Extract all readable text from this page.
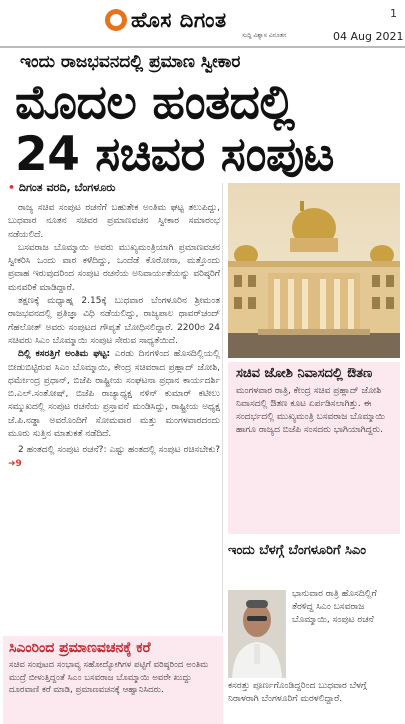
ಹೊಸ ದಿಗಂತ
ಸುದ್ದಿ ವಿಶ್ವಾಸ ವಿನೂತನ
1
04 Aug 2021
ಇಂದು ರಾಜಭವನದಲ್ಲಿ ಪ್ರಮಾಣ ಸ್ವೀಕಾರ
ಮೊದಲ ಹಂತದಲ್ಲಿ
24 ಸಚಿವರ ಸಂಪುಟ
• ದಿಗಂತ ವರದಿ, ಬೆಂಗಳೂರು

ರಾಜ್ಯ ಸಚಿವ ಸಂಪುಟ ರಚನೆಗೆ ಬಹುತೇಕ ಅಂತಿಮ ಘಟ್ಟ ತಲುಪಿದ್ದು, ಬುಧವಾರ ನೂತನ ಸಚಿವರ ಪ್ರಮಾಣವಚನ ಸ್ವೀಕಾರ ಸಮಾರಂಭ ನಡೆಯಲಿದೆ.

ಬಸವರಾಜ ಬೊಮ್ಮಾಯಿ ಅವರು ಮುಖ್ಯಮಂತ್ರಿಯಾಗಿ ಪ್ರಮಾಣವಚನ ಸ್ವೀಕರಿಸಿ ಒಂದು ವಾರ ಕಳೆದಿದ್ದು, ಒಂದೆಡೆ ಕೊರೋನಾ, ಮತ್ತೊಂದು ಪ್ರವಾಹ ಇರುವುದರಿಂದ ಸಂಪುಟ ರಚನೆಯ ಅನಿವಾರ್ಯತೆಯನ್ನು ವರಿಷ್ಠರಿಗೆ ಮನವರಿಕೆ ಮಾಡಿದ್ದಾರೆ.

ತಕ್ಷಣಕ್ಕೆ ಮಧ್ಯಾಹ್ನ 2.15ಕ್ಕೆ ಬುಧವಾರ ಬೆಂಗಳೂರಿನ ಶ್ರೀಮಂತ ರಾಜಭವನದಲ್ಲಿ ಪ್ರತಿಜ್ಞಾ ವಿಧಿ ನಡೆಯಲಿದ್ದು, ರಾಜ್ಯಪಾಲ ಥಾವರ್‌ಚಂದ್ ಗೆಹಲೋತ್ ಅವರು ಸಂಪುಟದ ಗೌಪ್ಯತೆ ಬೋಧಿಸಲಿದ್ದಾರೆ. 2200ರ 24 ಸಚಿವರು ಸಿಎಂ ಬೊಮ್ಮಾಯಿ ಸಂಪುಟ ಸೇರುವ ಸಾಧ್ಯತೆಯಿದೆ.

ದಿಲ್ಲಿ ಕಸರತ್ತಿಗೆ ಅಂತಿಮ ಘಟ್ಟ: ಎರಡು ದಿನಗಳಿಂದ ಹೊಸದಿಲ್ಲಿಯಲ್ಲಿ ಬೀಡುಬಿಟ್ಟಿರುವ ಸಿಎಂ ಬೊಮ್ಮಾಯಿ, ಕೇಂದ್ರ ಸಚಿವರಾದ ಪ್ರಹ್ಲಾದ್ ಜೋಶಿ, ಧರ್ಮೇಂದ್ರ ಪ್ರಧಾನ್, ಬಿಜೆಪಿ ರಾಷ್ಟ್ರೀಯ ಸಂಘಟನಾ ಪ್ರಧಾನ ಕಾರ್ಯದರ್ಶಿ ಬಿ.ಎಲ್.ಸಂತೋಷ್, ಬಿಜೆಪಿ ರಾಜ್ಯಾಧ್ಯಕ್ಷ ನಳಿನ್ ಕುಮಾರ್ ಕಟೀಲು ಸಮ್ಮುಖದಲ್ಲಿ ಸಂಪುಟ ರಚನೆಯ ಪ್ರಸ್ತಾವನೆ ಮಂಡಿಸಿದ್ದು, ರಾಷ್ಟ್ರೀಯ ಅಧ್ಯಕ್ಷ ಜೆ.ಪಿ.ನಡ್ಡಾ ಅವರೊಂದಿಗೆ ಸೋಮವಾರ ಮತ್ತು ಮಂಗಳವಾರದಂದು ಮೂರು ಸುತ್ತಿನ ಮಾತುಕತೆ ನಡೆದಿದೆ.

2 ಹಂತದಲ್ಲಿ ಸಂಪುಟ ರಚನೆ?: ಎಷ್ಟು ಹಂತದಲ್ಲಿ ಸಂಪುಟ ರಚಿಸಬೇಕು? ➜9

ಸಚಿವ ಜೋಶಿ ನಿವಾಸದಲ್ಲಿ ಔತಣ
ಮಂಗಳವಾರ ರಾತ್ರಿ, ಕೇಂದ್ರ ಸಚಿವ ಪ್ರಹ್ಲಾದ್ ಜೋಶಿ ನಿವಾಸದಲ್ಲಿ ಔತಣ ಕೂಟ ಏರ್ಪಡಿಸಲಾಗಿತ್ತು. ಈ ಸಂದರ್ಭದಲ್ಲಿ ಮುಖ್ಯಮಂತ್ರಿ ಬಸವರಾಜ ಬೊಮ್ಮಾಯಿ ಹಾಗೂ ರಾಜ್ಯದ ಬಿಜೆಪಿ ಸಂಸದರು ಭಾಗಿಯಾಗಿದ್ದರು.
ಇಂದು ಬೆಳಗ್ಗೆ ಬೆಂಗಳೂರಿಗೆ ಸಿಎಂ
ಭಾನುವಾರ ರಾತ್ರಿ ಹೊಸದಿಲ್ಲಿಗೆ ತೆರಳಿದ್ದ ಸಿಎಂ ಬಸವರಾಜ ಬೊಮ್ಮಾಯಿ, ಸಂಪುಟ ರಚನೆ
ಕಸರತ್ತು ಪೂರ್ಣಗೊಂಡಿದ್ದರಿಂದ ಬುಧವಾರ ಬೆಳಗ್ಗೆ ನಿರಾಳರಾಗಿ ಬೆಂಗಳೂರಿಗೆ ಮರಳಲಿದ್ದಾರೆ.
ಸಿಎಂರಿಂದ ಪ್ರಮಾಣವಚನಕ್ಕೆ ಕರೆ
ಸಚಿವ ಸಂಪುಟದ ಸಂಭಾವ್ಯ ಸಹೋದ್ಯೋಗಿಗಳ ಪಟ್ಟಿಗೆ ವರಿಷ್ಠರಿಂದ ಅಂತಿಮ ಮುದ್ರೆ ಬೀಳುತ್ತಿದ್ದಂತೆ ಸಿಎಂ ಬಸವರಾಜ ಬೊಮ್ಮಾಯಿ ಅವರೇ ಖುದ್ದು ದೂರವಾಣಿ ಕರೆ ಮಾಡಿ, ಪ್ರಮಾಣವಚನಕ್ಕೆ ಆಹ್ವಾನಿಸಿದರು.
